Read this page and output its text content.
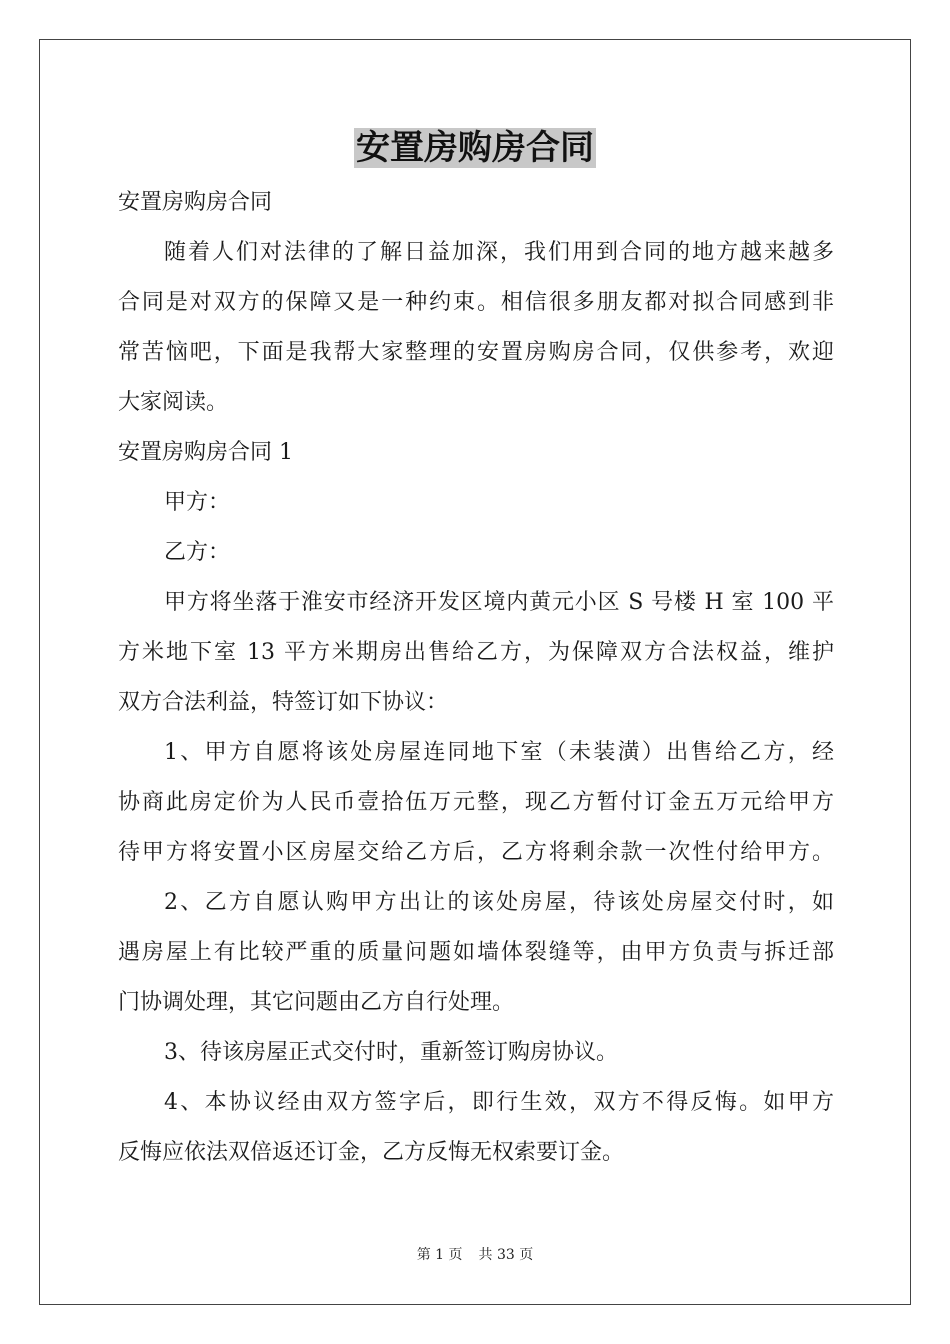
安置房购房合同
安置房购房合同
随着人们对法律的了解日益加深，我们用到合同的地方越来越多
合同是对双方的保障又是一种约束。相信很多朋友都对拟合同感到非
常苦恼吧，下面是我帮大家整理的安置房购房合同，仅供参考，欢迎
大家阅读。
安置房购房合同 1
甲方：
乙方：
甲方将坐落于淮安市经济开发区境内黄元小区 S 号楼 H 室 100 平
方米地下室 13 平方米期房出售给乙方，为保障双方合法权益，维护
双方合法利益，特签订如下协议：
1、甲方自愿将该处房屋连同地下室（未装潢）出售给乙方，经
协商此房定价为人民币壹拾伍万元整，现乙方暂付订金五万元给甲方
待甲方将安置小区房屋交给乙方后，乙方将剩余款一次性付给甲方。
2、乙方自愿认购甲方出让的该处房屋，待该处房屋交付时，如
遇房屋上有比较严重的质量问题如墙体裂缝等，由甲方负责与拆迁部
门协调处理，其它问题由乙方自行处理。
3、待该房屋正式交付时，重新签订购房协议。
4、本协议经由双方签字后，即行生效，双方不得反悔。如甲方
反悔应依法双倍返还订金，乙方反悔无权索要订金。
第 1 页 共 33 页
